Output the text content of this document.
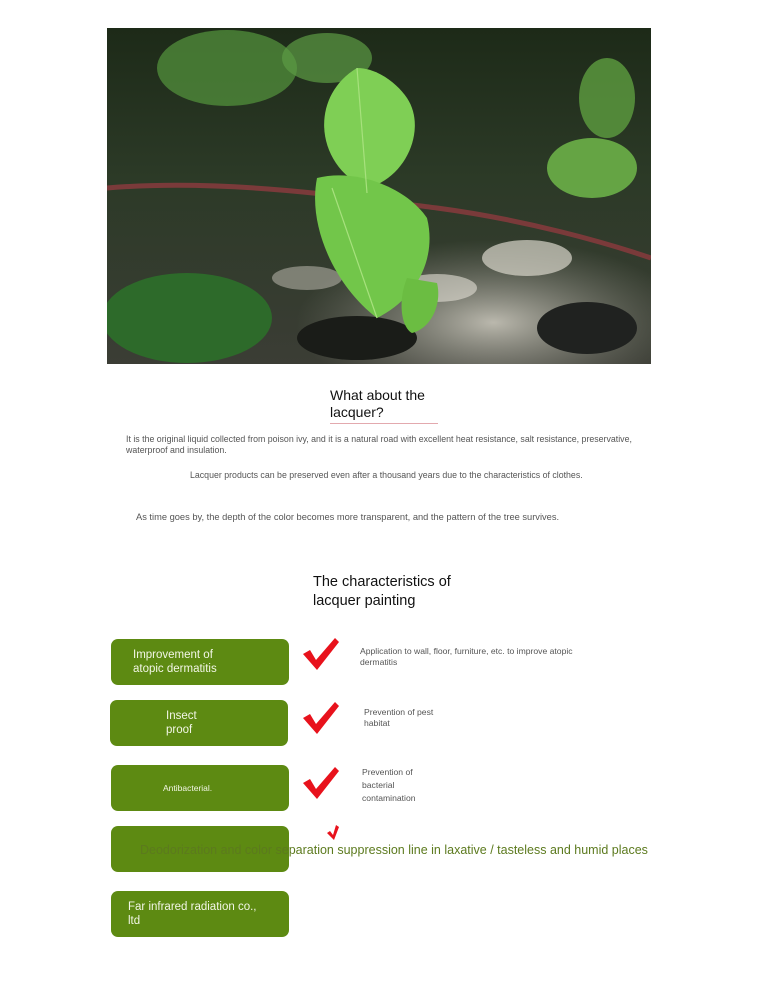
What about the
lacquer?
It is the original liquid collected from poison ivy, and it is a natural road with excellent heat resistance, salt resistance, preservative, waterproof and insulation.
Lacquer products can be preserved even after a thousand years due to the characteristics of clothes.
As time goes by, the depth of the color becomes more transparent, and the pattern of the tree survives.
The characteristics of
lacquer painting
Improvement of
atopic dermatitis
Application to wall, floor, furniture, etc. to improve atopic dermatitis
Insect
proof
Prevention of pest
habitat
Antibacterial.
Prevention of
bacterial
contamination
Deodorization and color separation suppression line in laxative / tasteless and humid places
Far infrared radiation co.,
ltd
